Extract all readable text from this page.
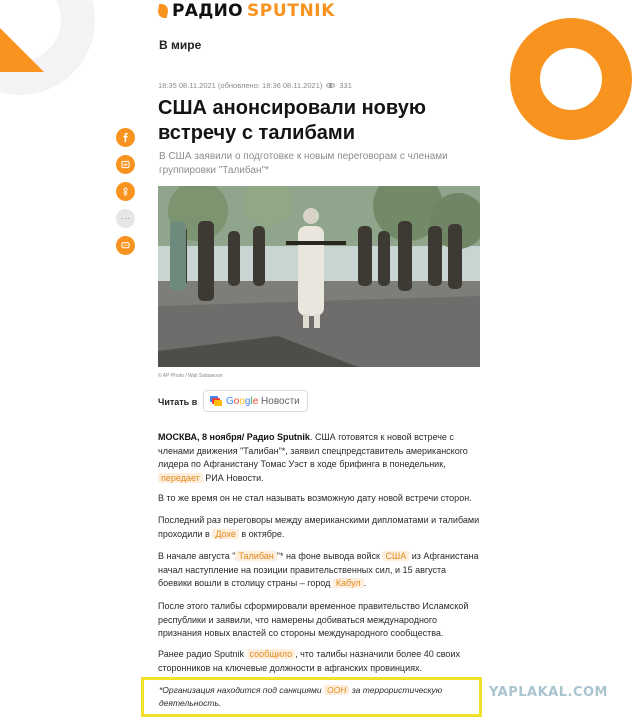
РАДИО SPUTNIK
В мире
18:35 08.11.2021 (обновлено: 18:36 08.11.2021) 331
США анонсировали новую встречу с талибами
В США заявили о подготовке к новым переговорам с членами группировки "Талибан"*
···
© AP Photo / Wali Sabawoon
Читать в	Google Новости

МОСКВА, 8 ноября/ Радио Sputnik. США готовятся к новой встрече с членами движения "Талибан"*, заявил спецпредставитель американского лидера по Афганистану Томас Уэст в ходе брифинга в понедельник, передает РИА Новости.

В то же время он не стал называть возможную дату новой встречи сторон.

Последний раз переговоры между американскими дипломатами и талибами проходили в Дохе в октябре.

В начале августа " Талибан "* на фоне вывода войск США из Афганистана начал наступление на позиции правительственных сил, и 15 августа боевики вошли в столицу страны – город Кабул .

После этого талибы сформировали временное правительство Исламской республики и заявили, что намерены добиваться международного признания новых властей со стороны международного сообщества.

Ранее радио Sputnik сообщило , что талибы назначили более 40 своих сторонников на ключевые должности в афганских провинциях.

*Организация находится под санкциями ООН за террористическую деятельность.

YAPLAKAL.COM
